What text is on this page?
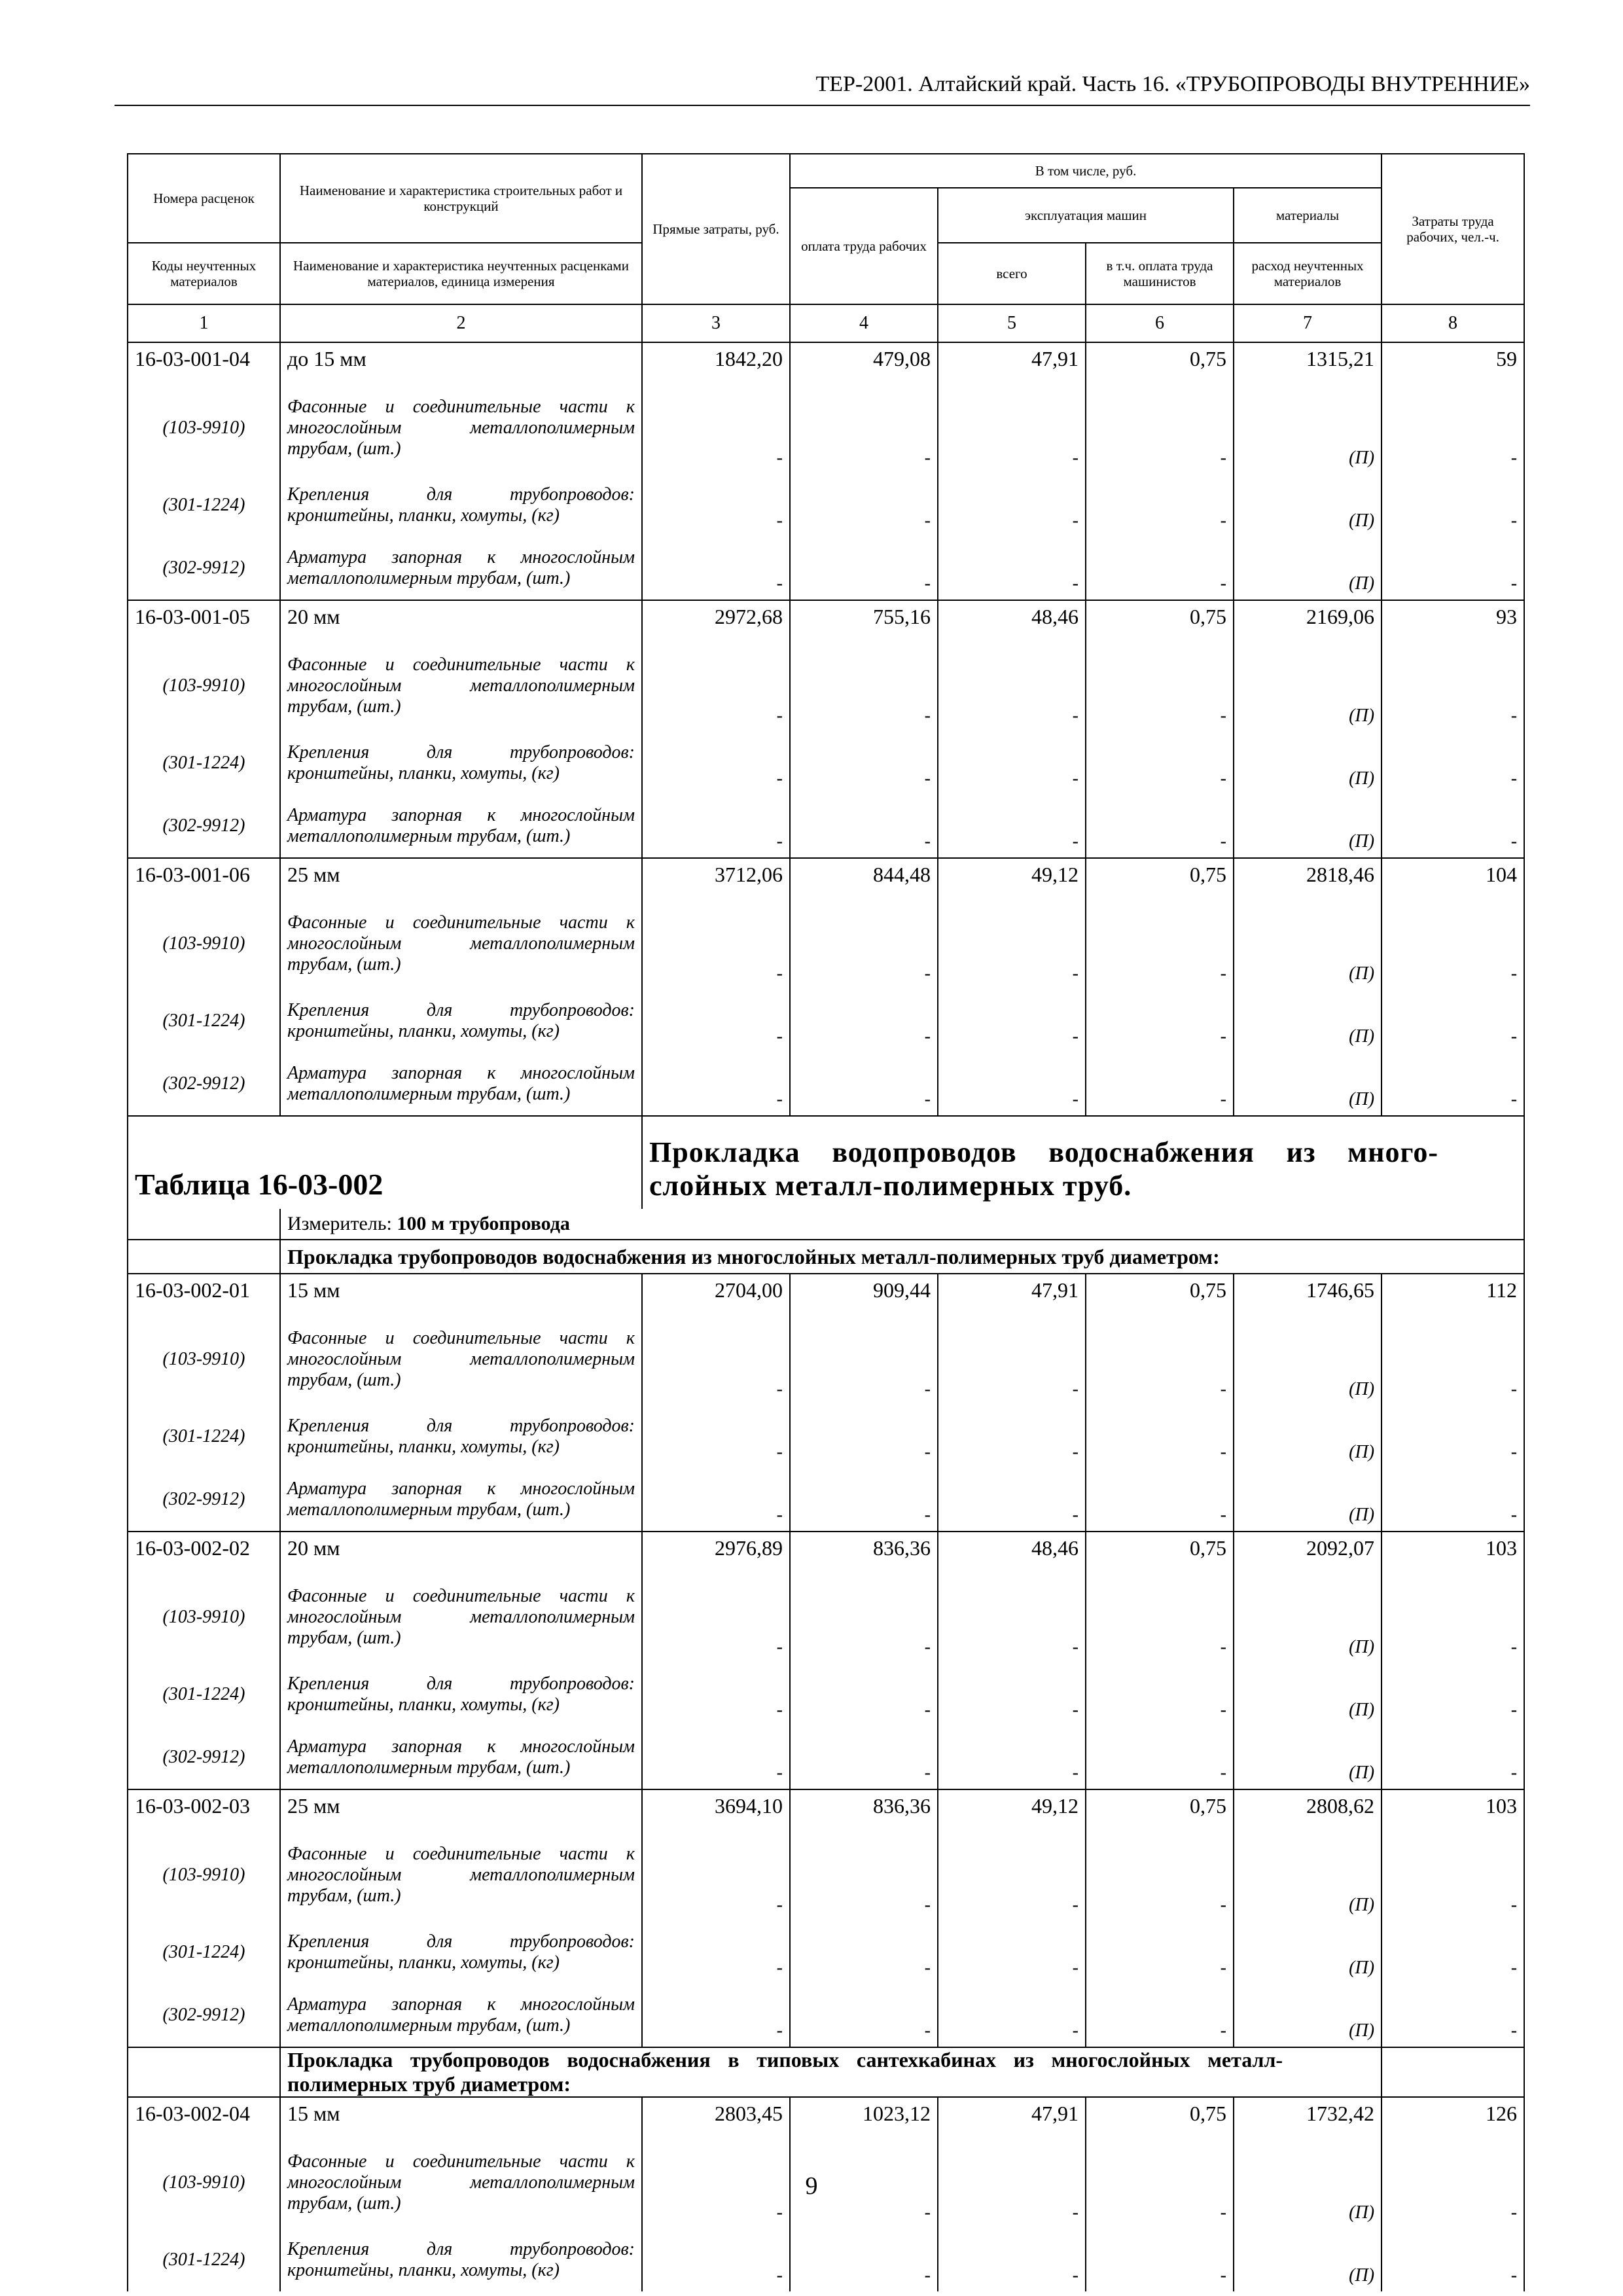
ТЕР-2001. Алтайский край. Часть 16. «ТРУБОПРОВОДЫ ВНУТРЕННИЕ»
Номера расценок	Наименование и характеристика строительных работ и конструкций	Прямые затраты, руб.	В том числе, руб.				Затраты труда рабочих, чел.-ч.
			оплата труда рабочих	эксплуатация машин		материалы	
Коды неучтенных материалов	Наименование и характеристика неучтенных расценками материалов, единица измерения			всего	в т.ч. оплата труда машинистов	расход неучтенных материалов	
1	2	3	4	5	6	7	8
16-03-001-04	до 15 мм	1842,20	479,08	47,91	0,75	1315,21	59
(103-9910)	Фасонные и соединительные части к многослойным металлополимерным трубам, (шт.)	-	-	-	-	(П)	-
(301-1224)	Крепления для трубопроводов: кронштейны, планки, хомуты, (кг)	-	-	-	-	(П)	-
(302-9912)	Арматура запорная к многослойным металлополимерным трубам, (шт.)	-	-	-	-	(П)	-
16-03-001-05	20 мм	2972,68	755,16	48,46	0,75	2169,06	93
(103-9910)	Фасонные и соединительные части к многослойным металлополимерным трубам, (шт.)	-	-	-	-	(П)	-
(301-1224)	Крепления для трубопроводов: кронштейны, планки, хомуты, (кг)	-	-	-	-	(П)	-
(302-9912)	Арматура запорная к многослойным металлополимерным трубам, (шт.)	-	-	-	-	(П)	-
16-03-001-06	25 мм	3712,06	844,48	49,12	0,75	2818,46	104
(103-9910)	Фасонные и соединительные части к многослойным металлополимерным трубам, (шт.)	-	-	-	-	(П)	-
(301-1224)	Крепления для трубопроводов: кронштейны, планки, хомуты, (кг)	-	-	-	-	(П)	-
(302-9912)	Арматура запорная к многослойным металлополимерным трубам, (шт.)	-	-	-	-	(П)	-
Таблица 16-03-002		Прокладка водопроводов водоснабжения из много-слойных металл-полимерных труб.					

	Измеритель: 100 м трубопровода						
	Прокладка трубопроводов водоснабжения из многослойных металл-полимерных труб диаметром:						
16-03-002-01	15 мм	2704,00	909,44	47,91	0,75	1746,65	112
(103-9910)	Фасонные и соединительные части к многослойным металлополимерным трубам, (шт.)	-	-	-	-	(П)	-
(301-1224)	Крепления для трубопроводов: кронштейны, планки, хомуты, (кг)	-	-	-	-	(П)	-
(302-9912)	Арматура запорная к многослойным металлополимерным трубам, (шт.)	-	-	-	-	(П)	-
16-03-002-02	20 мм	2976,89	836,36	48,46	0,75	2092,07	103
(103-9910)	Фасонные и соединительные части к многослойным металлополимерным трубам, (шт.)	-	-	-	-	(П)	-
(301-1224)	Крепления для трубопроводов: кронштейны, планки, хомуты, (кг)	-	-	-	-	(П)	-
(302-9912)	Арматура запорная к многослойным металлополимерным трубам, (шт.)	-	-	-	-	(П)	-
16-03-002-03	25 мм	3694,10	836,36	49,12	0,75	2808,62	103
(103-9910)	Фасонные и соединительные части к многослойным металлополимерным трубам, (шт.)	-	-	-	-	(П)	-
(301-1224)	Крепления для трубопроводов: кронштейны, планки, хомуты, (кг)	-	-	-	-	(П)	-
(302-9912)	Арматура запорная к многослойным металлополимерным трубам, (шт.)	-	-	-	-	(П)	-
	Прокладка трубопроводов водоснабжения в типовых сантехкабинах из многослойных металл-полимерных труб диаметром:						
16-03-002-04	15 мм	2803,45	1023,12	47,91	0,75	1732,42	126
(103-9910)	Фасонные и соединительные части к многослойным металлополимерным трубам, (шт.)	-	-	-	-	(П)	-
(301-1224)	Крепления для трубопроводов: кронштейны, планки, хомуты, (кг)	-	-	-	-	(П)	-
9
